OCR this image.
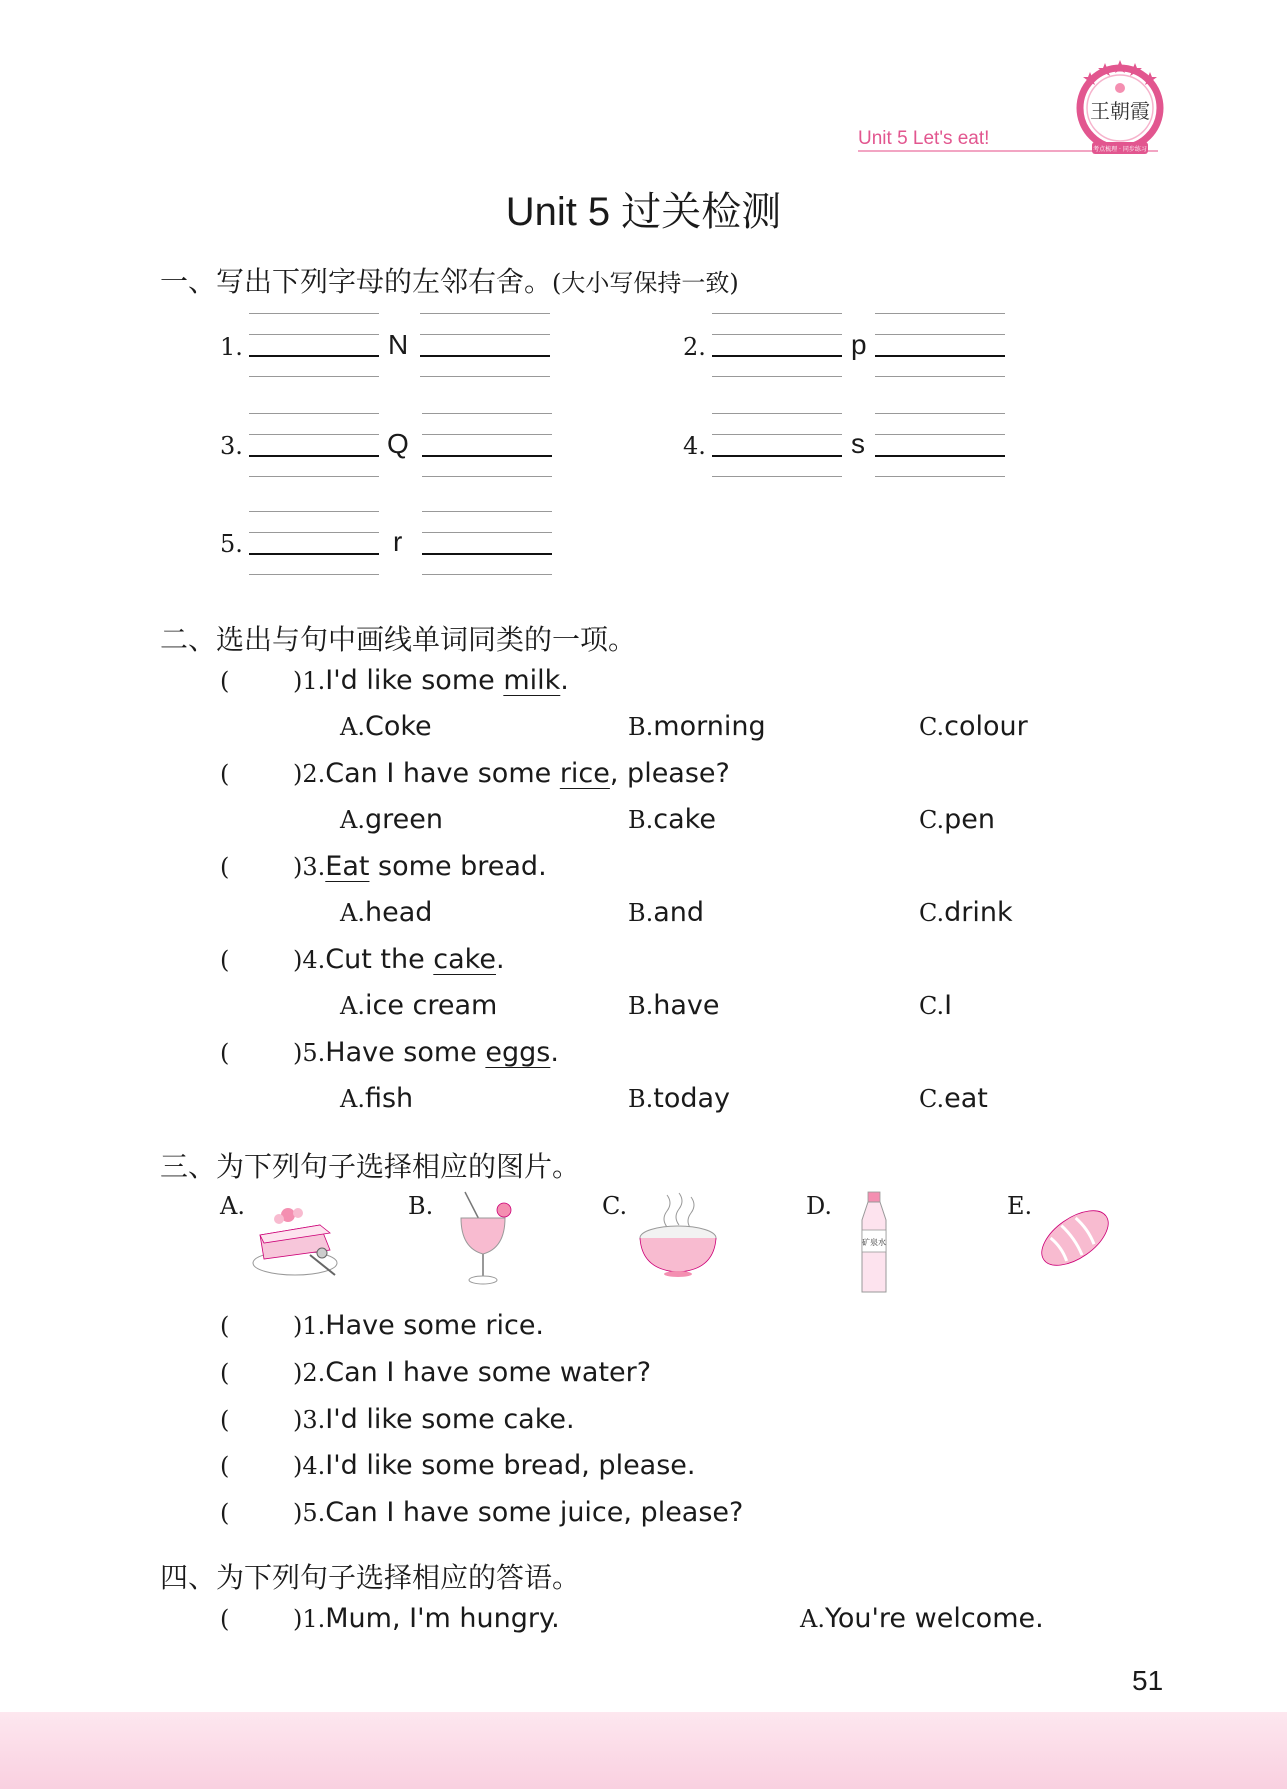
Unit 5 Let's eat!
王朝霞
考点梳理 · 同步练习
Unit 5 过关检测
一、写出下列字母的左邻右舍。(大小写保持一致)
1.	N	2.	p
3.	Q	4.	s
5.	r
二、选出与句中画线单词同类的一项。
(	)1.I'd like some milk.
A.Coke	B.morning	C.colour
(	)2.Can I have some rice, please?
A.green	B.cake	C.pen
(	)3.Eat some bread.
A.head	B.and	C.drink
(	)4.Cut the cake.
A.ice cream	B.have	C.I
(	)5.Have some eggs.
A.fish	B.today	C.eat
三、为下列句子选择相应的图片。
A.	B.	C.	D.
矿泉水
E.
(	)1.Have some rice.
(	)2.Can I have some water?
(	)3.I'd like some cake.
(	)4.I'd like some bread, please.
(	)5.Can I have some juice, please?
四、为下列句子选择相应的答语。
(	)1.Mum, I'm hungry.	A.You're welcome.
51
